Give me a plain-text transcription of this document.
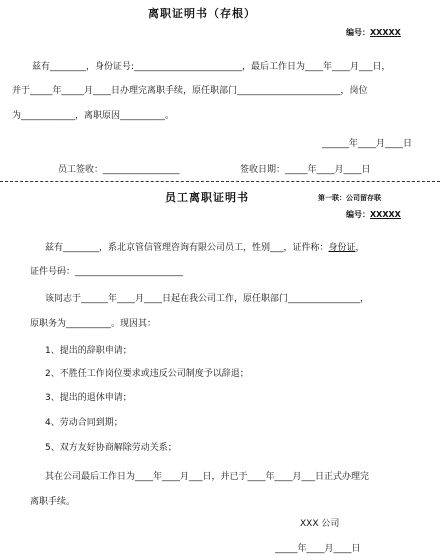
离职证明书（存根）
编号：XXXXX
兹有________，身份证号:________________________，最后工作日为____年____月___日，
并于_____年_____月____日办理完离职手续，原任职部门_______________________，岗位
为____________，离职原因__________。
______年____月____日
员工签收：_________________	签收日期：_____年____月____日
员工离职证明书	第一联：公司留存联
编号：XXXXX
兹有________，系北京管信管理咨询有限公司员工，性别___，证件称：身份证，
证件号码：________________________
该同志于______年____月____日起在我公司工作，原任职部门________________，
原职务为__________。现因其：
1、提出的辞职申请；
2、不胜任工作岗位要求或违反公司制度予以辞退；
3、提出的退休申请；
4、劳动合同到期；
5、双方友好协商解除劳动关系；
其在公司最后工作日为____年____月___日，并已于____年____月___日正式办理完
离职手续。
XXX 公司
_____年____月____日
